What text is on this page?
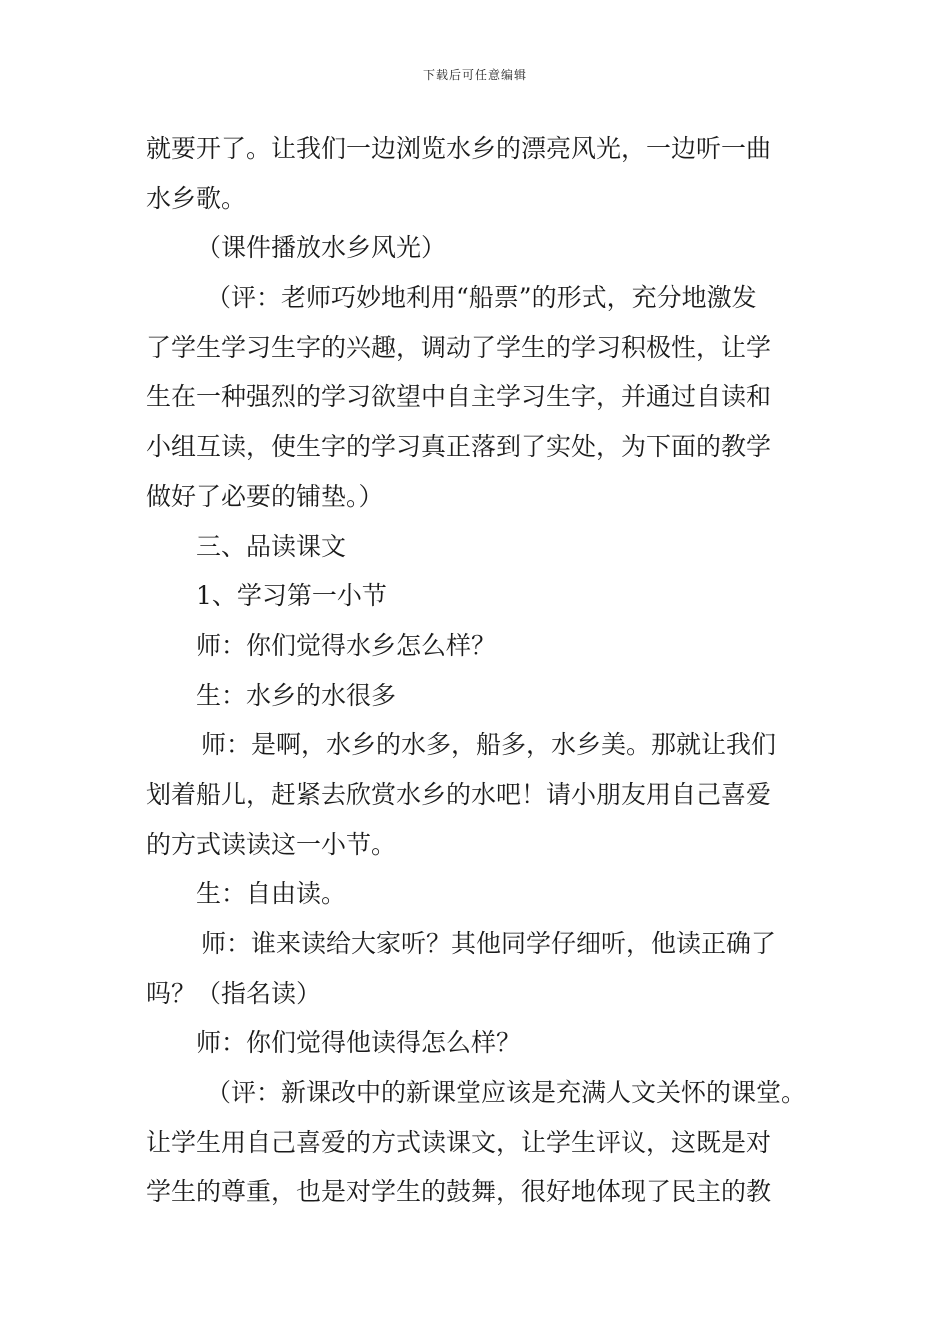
下载后可任意编辑
就要开了。让我们一边浏览水乡的漂亮风光，一边听一曲
水乡歌。
（课件播放水乡风光）
（评：老师巧妙地利用“船票”的形式，充分地激发
了学生学习生字的兴趣，调动了学生的学习积极性，让学
生在一种强烈的学习欲望中自主学习生字，并通过自读和
小组互读，使生字的学习真正落到了实处，为下面的教学
做好了必要的铺垫。）
三、品读课文
1、学习第一小节
师：你们觉得水乡怎么样？
生：水乡的水很多
师：是啊，水乡的水多，船多，水乡美。那就让我们
划着船儿，赶紧去欣赏水乡的水吧！请小朋友用自己喜爱
的方式读读这一小节。
生：自由读。
师：谁来读给大家听？其他同学仔细听，他读正确了
吗？（指名读）
师：你们觉得他读得怎么样？
（评：新课改中的新课堂应该是充满人文关怀的课堂。
让学生用自己喜爱的方式读课文，让学生评议，这既是对
学生的尊重，也是对学生的鼓舞，很好地体现了民主的教
